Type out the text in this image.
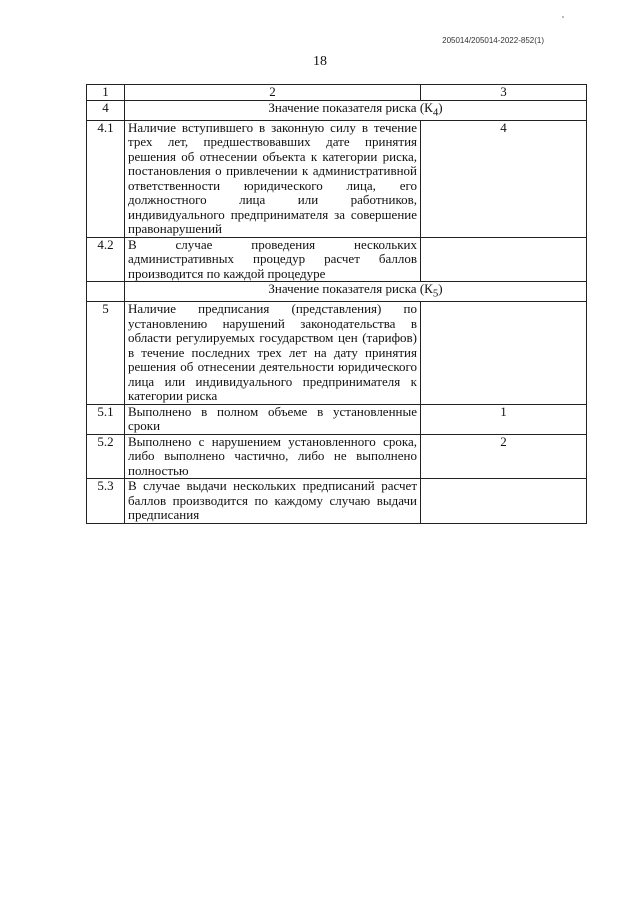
205014/205014-2022-852(1)
18
1	2	3
4	Значение показателя риска $(К_4)$	
4.1	Наличие вступившего в законную силу в течение трех лет, предшествовавших дате принятия решения об отнесении объекта к категории риска, постановления о привлечении к административной ответственности юридического лица, его должностного лица или работников, индивидуального предпринимателя за совершение правонарушений	4
4.2	В случае проведения нескольких административных процедур расчет баллов производится по каждой процедуре	
	Значение показателя риска $(К_5)$	
5	Наличие предписания (представления) по установлению нарушений законодательства в области регулируемых государством цен (тарифов) в течение последних трех лет на дату принятия решения об отнесении деятельности юридического лица или индивидуального предпринимателя к категории риска	
5.1	Выполнено в полном объеме в установленные сроки	1
5.2	Выполнено с нарушением установленного срока, либо выполнено частично, либо не выполнено полностью	2
5.3	В случае выдачи нескольких предписаний расчет баллов производится по каждому случаю выдачи предписания	
